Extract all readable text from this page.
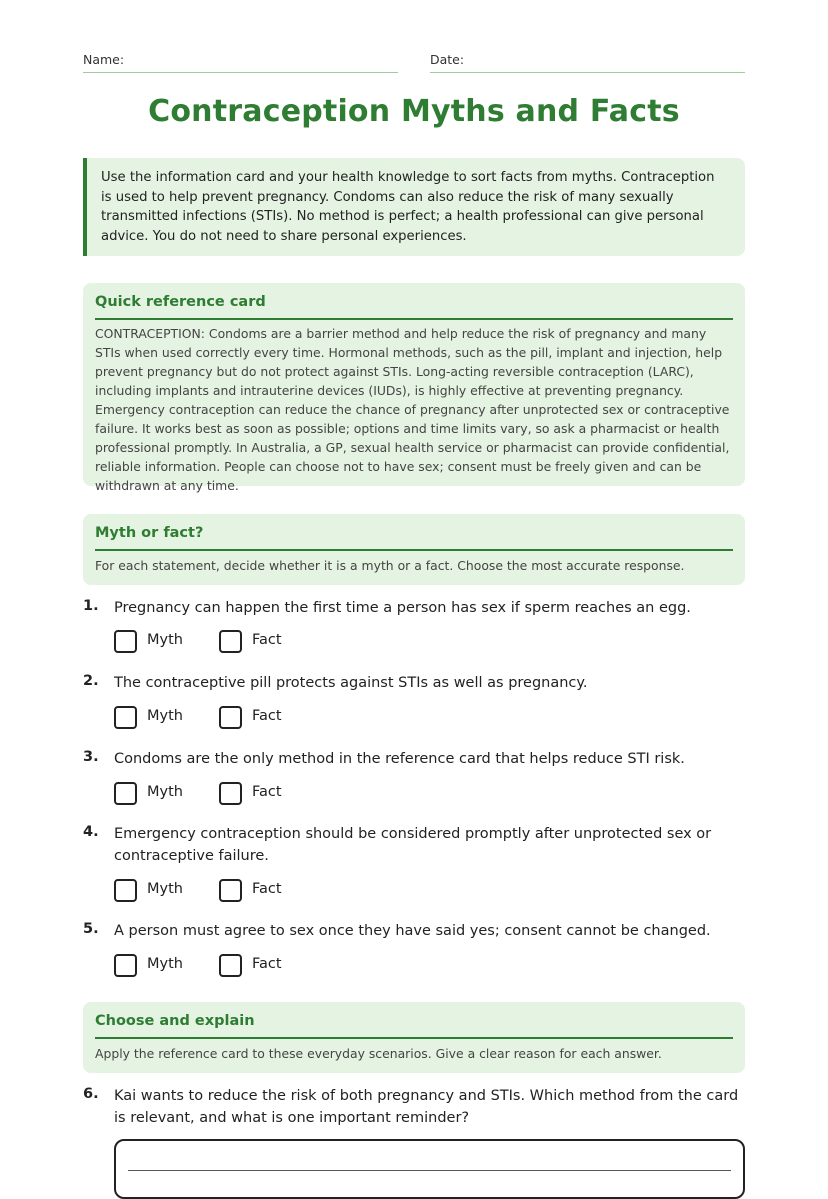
Name:	Date:
Contraception Myths and Facts
Use the information card and your health knowledge to sort facts from myths. Contraception is used to help prevent pregnancy. Condoms can also reduce the risk of many sexually transmitted infections (STIs). No method is perfect; a health professional can give personal advice. You do not need to share personal experiences.
Quick reference card
CONTRACEPTION: Condoms are a barrier method and help reduce the risk of pregnancy and many STIs when used correctly every time. Hormonal methods, such as the pill, implant and injection, help prevent pregnancy but do not protect against STIs. Long-acting reversible contraception (LARC), including implants and intrauterine devices (IUDs), is highly effective at preventing pregnancy. Emergency contraception can reduce the chance of pregnancy after unprotected sex or contraceptive failure. It works best as soon as possible; options and time limits vary, so ask a pharmacist or health professional promptly. In Australia, a GP, sexual health service or pharmacist can provide confidential, reliable information. People can choose not to have sex; consent must be freely given and can be withdrawn at any time.
Myth or fact?
For each statement, decide whether it is a myth or a fact. Choose the most accurate response.
1. Pregnancy can happen the first time a person has sex if sperm reaches an egg.
Myth	Fact
2. The contraceptive pill protects against STIs as well as pregnancy.
Myth	Fact
3. Condoms are the only method in the reference card that helps reduce STI risk.
Myth	Fact
4. Emergency contraception should be considered promptly after unprotected sex or contraceptive failure.
Myth	Fact
5. A person must agree to sex once they have said yes; consent cannot be changed.
Myth	Fact
Choose and explain
Apply the reference card to these everyday scenarios. Give a clear reason for each answer.
6. Kai wants to reduce the risk of both pregnancy and STIs. Which method from the card is relevant, and what is one important reminder?
